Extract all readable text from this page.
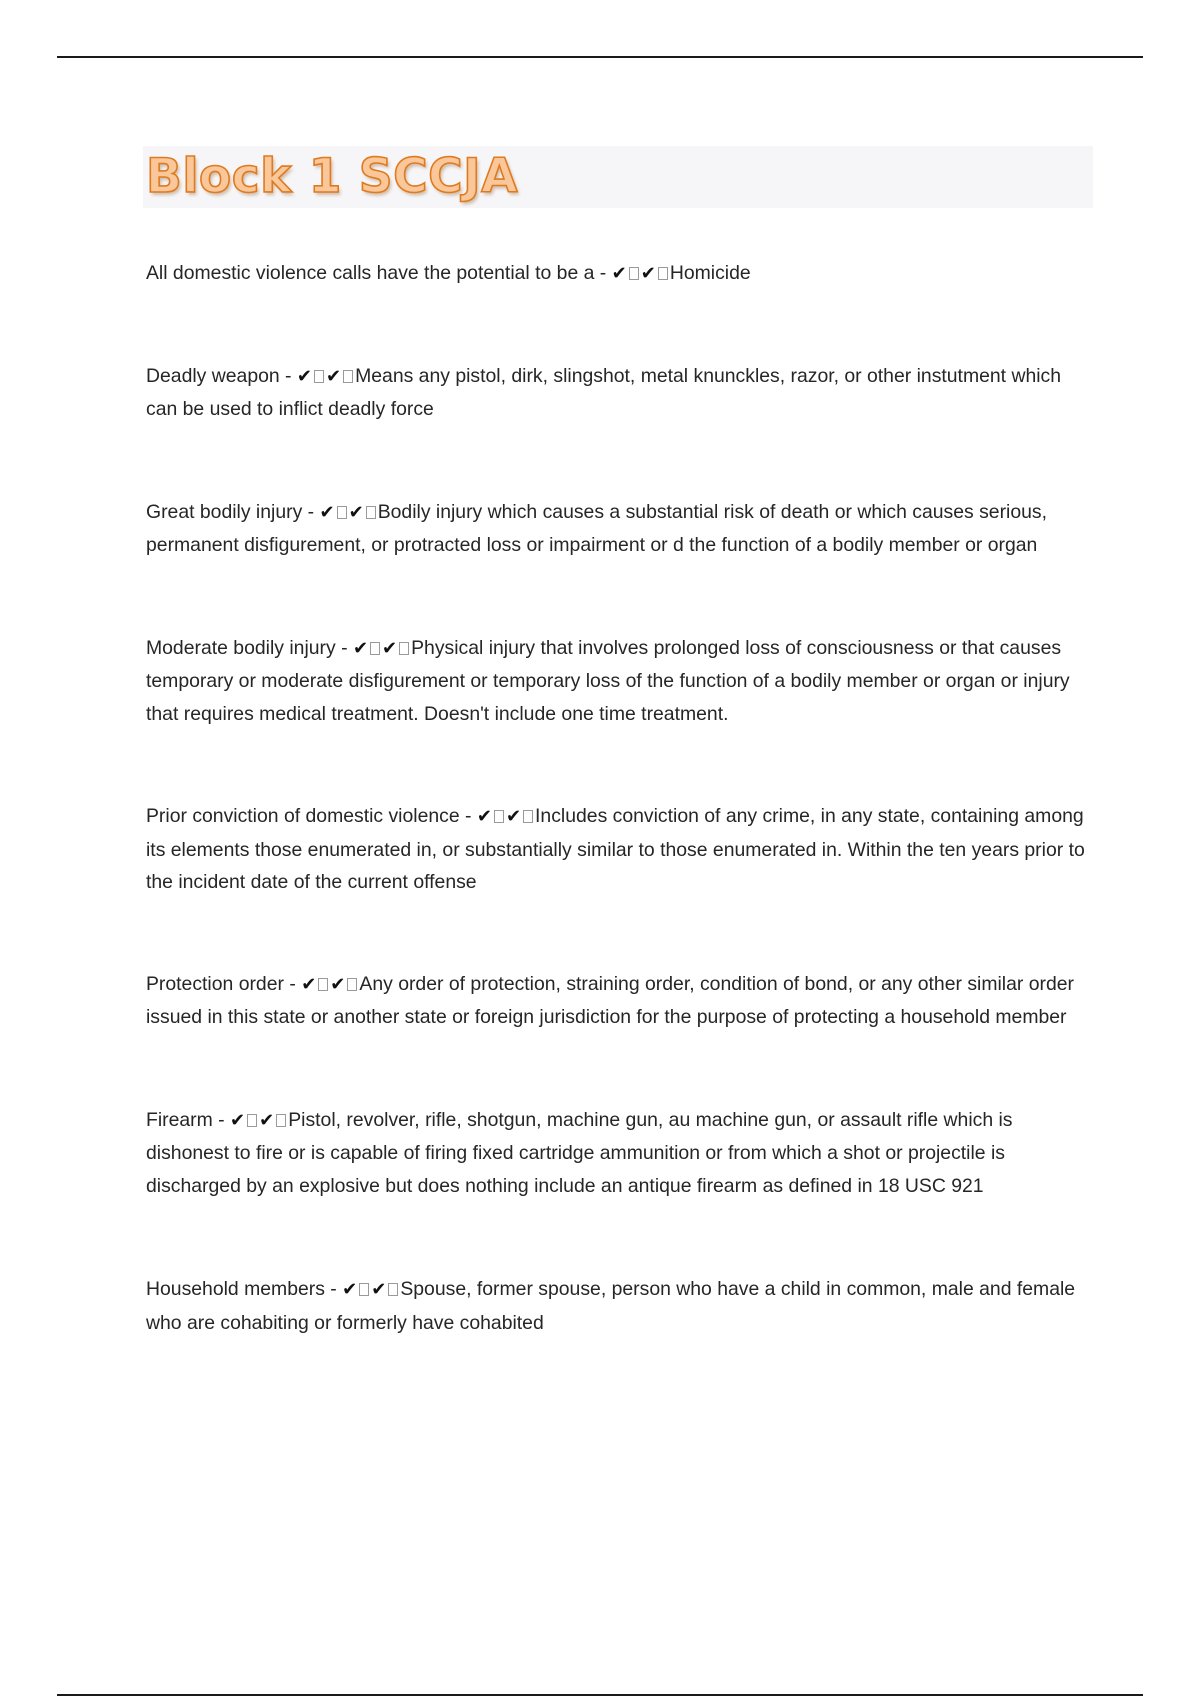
Block 1 SCCJA

All domestic violence calls have the potential to be a - ✔ ✔ Homicide

Deadly weapon - ✔ ✔ Means any pistol, dirk, slingshot, metal knunckles, razor, or other instutment which can be used to inflict deadly force

Great bodily injury - ✔ ✔ Bodily injury which causes a substantial risk of death or which causes serious, permanent disfigurement, or protracted loss or impairment or d the function of a bodily member or organ

Moderate bodily injury - ✔ ✔ Physical injury that involves prolonged loss of consciousness or that causes temporary or moderate disfigurement or temporary loss of the function of a bodily member or organ or injury that requires medical treatment. Doesn't include one time treatment.

Prior conviction of domestic violence - ✔ ✔ Includes conviction of any crime, in any state, containing among its elements those enumerated in, or substantially similar to those enumerated in. Within the ten years prior to the incident date of the current offense

Protection order - ✔ ✔ Any order of protection, straining order, condition of bond, or any other similar order issued in this state or another state or foreign jurisdiction for the purpose of protecting a household member

Firearm - ✔ ✔ Pistol, revolver, rifle, shotgun, machine gun, au machine gun, or assault rifle which is dishonest to fire or is capable of firing fixed cartridge ammunition or from which a shot or projectile is discharged by an explosive but does nothing include an antique firearm as defined in 18 USC 921

Household members - ✔ ✔ Spouse, former spouse, person who have a child in common, male and female who are cohabiting or formerly have cohabited
